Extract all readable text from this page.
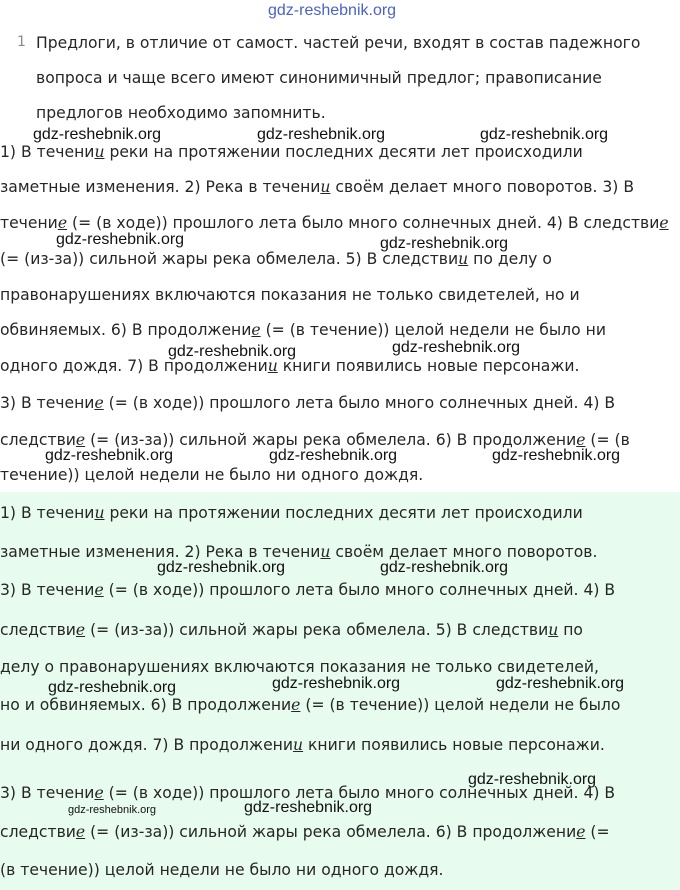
gdz-reshebnik.org
1 Предлоги, в отличие от самост. частей речи, входят в состав падежного
вопроса и чаще всего имеют синонимичный предлог; правописание
предлогов необходимо запомнить.
1) В течении реки на протяжении последних десяти лет происходили
заметные изменения. 2) Река в течении своём делает много поворотов. 3) В
течение (= (в ходе)) прошлого лета было много солнечных дней. 4) В следствие
(= (из-за)) сильной жары река обмелела. 5) В следствии по делу о
правонарушениях включаются показания не только свидетелей, но и
обвиняемых. 6) В продолжение (= (в течение)) целой недели не было ни
одного дождя. 7) В продолжении книги появились новые персонажи.
3) В течение (= (в ходе)) прошлого лета было много солнечных дней. 4) В
следствие (= (из-за)) сильной жары река обмелела. 6) В продолжение (= (в
течение)) целой недели не было ни одного дождя.
1) В течении реки на протяжении последних десяти лет происходили
заметные изменения. 2) Река в течении своём делает много поворотов.
3) В течение (= (в ходе)) прошлого лета было много солнечных дней. 4) В
следствие (= (из-за)) сильной жары река обмелела. 5) В следствии по
делу о правонарушениях включаются показания не только свидетелей,
но и обвиняемых. 6) В продолжение (= (в течение)) целой недели не было
ни одного дождя. 7) В продолжении книги появились новые персонажи.
3) В течение (= (в ходе)) прошлого лета было много солнечных дней. 4) В
следствие (= (из-за)) сильной жары река обмелела. 6) В продолжение (=
(в течение)) целой недели не было ни одного дождя.
gdz-reshebnik.org	gdz-reshebnik.org	gdz-reshebnik.org
gdz-reshebnik.org	gdz-reshebnik.org
gdz-reshebnik.org	gdz-reshebnik.org
gdz-reshebnik.org	gdz-reshebnik.org	gdz-reshebnik.org
gdz-reshebnik.org	gdz-reshebnik.org
gdz-reshebnik.org	gdz-reshebnik.org	gdz-reshebnik.org
gdz-reshebnik.org
gdz-reshebnik.org	gdz-reshebnik.org
